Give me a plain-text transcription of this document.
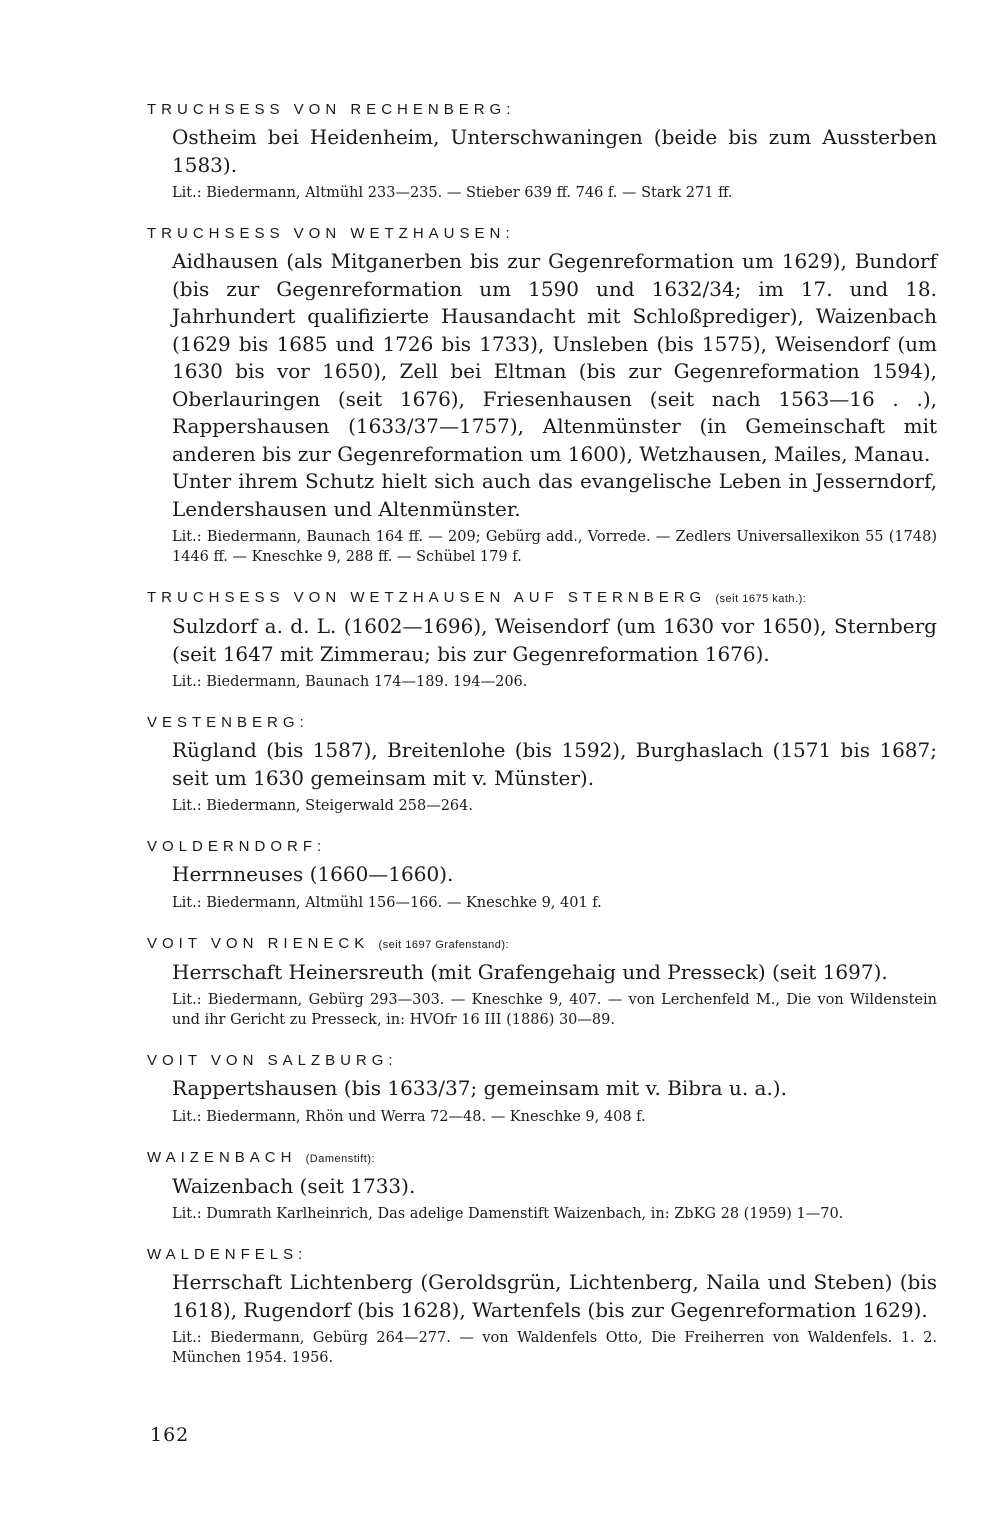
TRUCHSESS VON RECHENBERG:

Ostheim bei Heidenheim, Unterschwaningen (beide bis zum Aussterben 1583).

Lit.: Biedermann, Altmühl 233—235. — Stieber 639 ff. 746 f. — Stark 271 ff.
TRUCHSESS VON WETZHAUSEN:

Aidhausen (als Mitganerben bis zur Gegenreformation um 1629), Bundorf (bis zur Gegenreformation um 1590 und 1632/34; im 17. und 18. Jahrhundert qualifizierte Hausandacht mit Schloßprediger), Waizenbach (1629 bis 1685 und 1726 bis 1733), Unsleben (bis 1575), Weisendorf (um 1630 bis vor 1650), Zell bei Eltman (bis zur Gegenreformation 1594), Oberlauringen (seit 1676), Friesenhausen (seit nach 1563—16 . .), Rappershausen (1633/37—1757), Altenmünster (in Gemeinschaft mit anderen bis zur Gegenreformation um 1600), Wetzhausen, Mailes, Manau.

Unter ihrem Schutz hielt sich auch das evangelische Leben in Jesserndorf, Lendershausen und Altenmünster.

Lit.: Biedermann, Baunach 164 ff. — 209; Gebürg add., Vorrede. — Zedlers Universallexikon 55 (1748) 1446 ff. — Kneschke 9, 288 ff. — Schübel 179 f.
TRUCHSESS VON WETZHAUSEN AUF STERNBERG (seit 1675 kath.):

Sulzdorf a. d. L. (1602—1696), Weisendorf (um 1630 vor 1650), Sternberg (seit 1647 mit Zimmerau; bis zur Gegenreformation 1676).

Lit.: Biedermann, Baunach 174—189. 194—206.
VESTENBERG:

Rügland (bis 1587), Breitenlohe (bis 1592), Burghaslach (1571 bis 1687; seit um 1630 gemeinsam mit v. Münster).

Lit.: Biedermann, Steigerwald 258—264.
VOLDERNDORF:

Herrnneuses (1660—1660).

Lit.: Biedermann, Altmühl 156—166. — Kneschke 9, 401 f.
VOIT VON RIENECK (seit 1697 Grafenstand):

Herrschaft Heinersreuth (mit Grafengehaig und Presseck) (seit 1697).

Lit.: Biedermann, Gebürg 293—303. — Kneschke 9, 407. — von Lerchenfeld M., Die von Wildenstein und ihr Gericht zu Presseck, in: HVOfr 16 III (1886) 30—89.
VOIT VON SALZBURG:

Rappertshausen (bis 1633/37; gemeinsam mit v. Bibra u. a.).

Lit.: Biedermann, Rhön und Werra 72—48. — Kneschke 9, 408 f.
WAIZENBACH (Damenstift):

Waizenbach (seit 1733).

Lit.: Dumrath Karlheinrich, Das adelige Damenstift Waizenbach, in: ZbKG 28 (1959) 1—70.
WALDENFELS:

Herrschaft Lichtenberg (Geroldsgrün, Lichtenberg, Naila und Steben) (bis 1618), Rugendorf (bis 1628), Wartenfels (bis zur Gegenreformation 1629).

Lit.: Biedermann, Gebürg 264—277. — von Waldenfels Otto, Die Freiherren von Waldenfels. 1. 2. München 1954. 1956.
162
